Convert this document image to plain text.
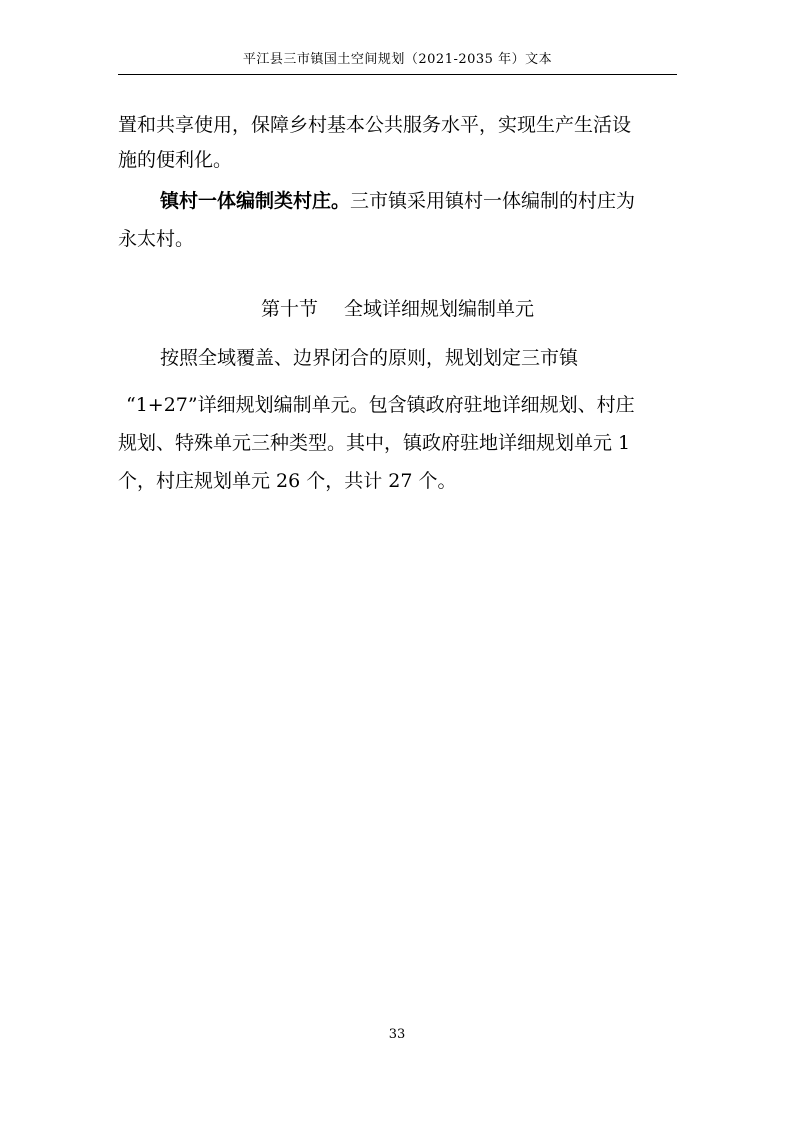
平江县三市镇国土空间规划（2021-2035 年）文本
置和共享使用，保障乡村基本公共服务水平，实现生产生活设
施的便利化。
镇村一体编制类村庄。三市镇采用镇村一体编制的村庄为
永太村。
第十节 全域详细规划编制单元
按照全域覆盖、边界闭合的原则，规划划定三市镇
“1+27”详细规划编制单元。包含镇政府驻地详细规划、村庄
规划、特殊单元三种类型。其中，镇政府驻地详细规划单元 1
个，村庄规划单元 26 个，共计 27 个。
33
